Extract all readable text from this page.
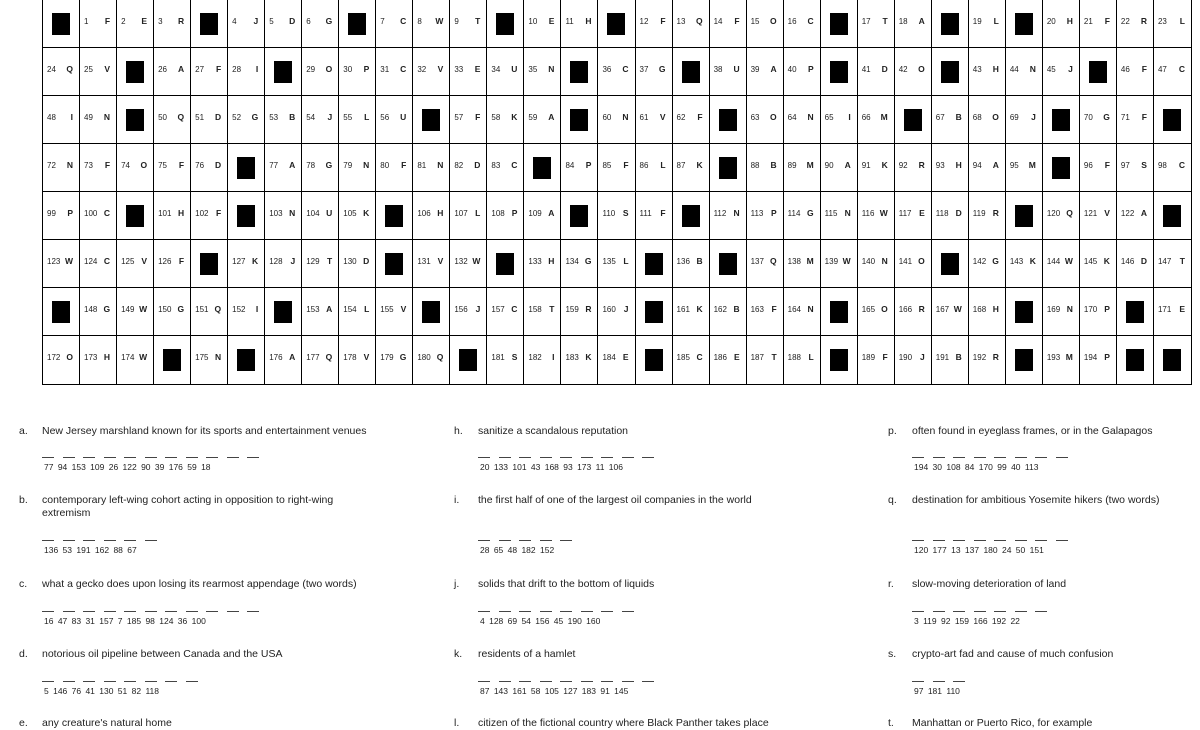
1 F 2 E 3 R	4 J 5 D 6 G	7 C 8 W 9 T	10 E 11 H	12 F 13 Q 14 F 15 O 16 C	17 T 18 A	19 L	20 H 21 F 22 R 23 L
24 Q 25 V	26 A 27 F 28 I	29 O 30 P 31 C 32 V 33 E 34 U 35 N	36 C 37 G	38 U 39 A 40 P	41 D 42 O	43 H 44 N 45 J	46 F 47 C
48 I 49 N	50 Q 51 D 52 G 53 B 54 J 55 L 56 U	57 F 58 K 59 A	60 N 61 V 62 F	63 O 64 N 65 I 66 M	67 B 68 O 69 J	70 G 71 F
72 N 73 F 74 O 75 F 76 D	77 A 78 G 79 N 80 F 81 N 82 D 83 C	84 P 85 F 86 L 87 K	88 B 89 M 90 A 91 K 92 R 93 H 94 A 95 M	96 F 97 S 98 C
99 P 100 C	101 H 102 F	103 N 104 U 105 K	106 H 107 L 108 P 109 A	110 S 111 F	112 N 113 P 114 G 115 N 116 W 117 E 118 D 119 R	120 Q 121 V 122 A
123 W 124 C 125 V 126 F	127 K 128 J 129 T 130 D	131 V 132 W	133 H 134 G 135 L	136 B	137 Q 138 M 139 W 140 N 141 O	142 G 143 K 144 W 145 K 146 D 147 T
148 G 149 W 150 G 151 Q 152 I	153 A 154 L 155 V	156 J 157 C 158 T 159 R 160 J	161 K 162 B 163 F 164 N	165 O 166 R 167 W 168 H	169 N 170 P	171 E
172 O 173 H 174 W	175 N	176 A 177 Q 178 V 179 G 180 Q	181 S 182 I 183 K 184 E	185 C 186 E 187 T 188 L	189 F 190 J 191 B 192 R	193 M 194 P
a. New Jersey marshland known for its sports and entertainment venues
77 94 153 109 26 122 90 39 176 59 18
b. contemporary left-wing cohort acting in opposition to right-wing extremism
136 53 191 162 88 67
c. what a gecko does upon losing its rearmost appendage (two words)
16 47 83 31 157 7 185 98 124 36 100
d. notorious oil pipeline between Canada and the USA
5 146 76 41 130 51 82 118
e. any creature's natural home
h. sanitize a scandalous reputation
20 133 101 43 168 93 173 11 106
i. the first half of one of the largest oil companies in the world
28 65 48 182 152
j. solids that drift to the bottom of liquids
4 128 69 54 156 45 190 160
k. residents of a hamlet
87 143 161 58 105 127 183 91 145
l. citizen of the fictional country where Black Panther takes place
p. often found in eyeglass frames, or in the Galapagos
194 30 108 84 170 99 40 113
q. destination for ambitious Yosemite hikers (two words)
120 177 13 137 180 24 50 151
r. slow-moving deterioration of land
3 119 92 159 166 192 22
s. crypto-art fad and cause of much confusion
97 181 110
t. Manhattan or Puerto Rico, for example
